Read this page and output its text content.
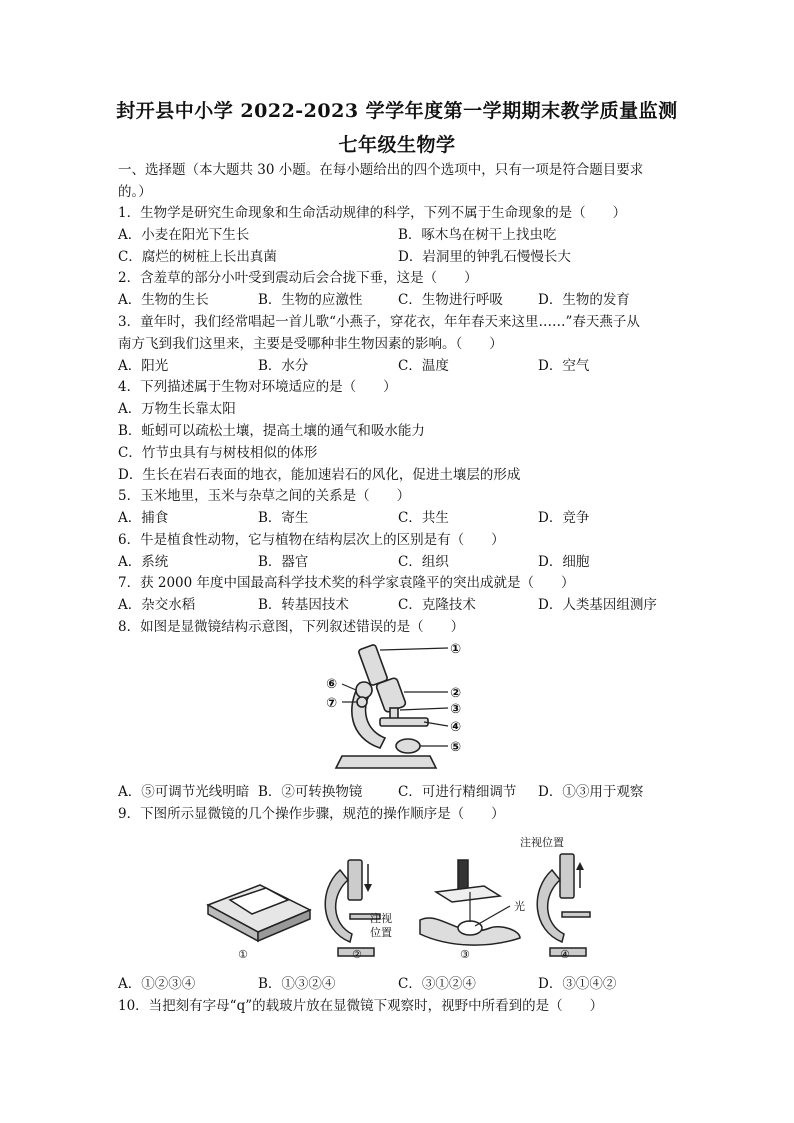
封开县中小学 2022-2023 学学年度第一学期期末教学质量监测
七年级生物学
一、选择题（本大题共 30 小题。在每小题给出的四个选项中，只有一项是符合题目要求
的。）
1．生物学是研究生命现象和生命活动规律的科学，下列不属于生命现象的是（　　）
A．小麦在阳光下生长	B．啄木鸟在树干上找虫吃
C．腐烂的树桩上长出真菌	D．岩洞里的钟乳石慢慢长大
2．含羞草的部分小叶受到震动后会合拢下垂，这是（　　）
A．生物的生长	B．生物的应激性	C．生物进行呼吸	D．生物的发育
3．童年时，我们经常唱起一首儿歌“小燕子，穿花衣，年年春天来这里……”春天燕子从
南方飞到我们这里来，主要是受哪种非生物因素的影响。（　　）
A．阳光	B．水分	C．温度	D．空气
4．下列描述属于生物对环境适应的是（　　）
A．万物生长靠太阳
B．蚯蚓可以疏松土壤，提高土壤的通气和吸水能力
C．竹节虫具有与树枝相似的体形
D．生长在岩石表面的地衣，能加速岩石的风化，促进土壤层的形成
5．玉米地里，玉米与杂草之间的关系是（　　）
A．捕食	B．寄生	C．共生	D．竞争
6．牛是植食性动物，它与植物在结构层次上的区别是有（　　）
A．系统	B．器官	C．组织	D．细胞
7．获 2000 年度中国最高科学技术奖的科学家袁隆平的突出成就是（　　）
A．杂交水稻	B．转基因技术	C．克隆技术	D．人类基因组测序
8．如图是显微镜结构示意图，下列叙述错误的是（　　）
①
②
③
④
⑤
⑥
⑦
A．⑤可调节光线明暗 B．②可转换物镜	C．可进行精细调节 D．①③用于观察
9．下图所示显微镜的几个操作步骤，规范的操作顺序是（　　）
①
注视
位置
②
光
③
注视位置
④
A．①②③④	B．①③②④	C．③①②④	D．③①④②
10．当把刻有字母“q”的载玻片放在显微镜下观察时，视野中所看到的是（　　）
